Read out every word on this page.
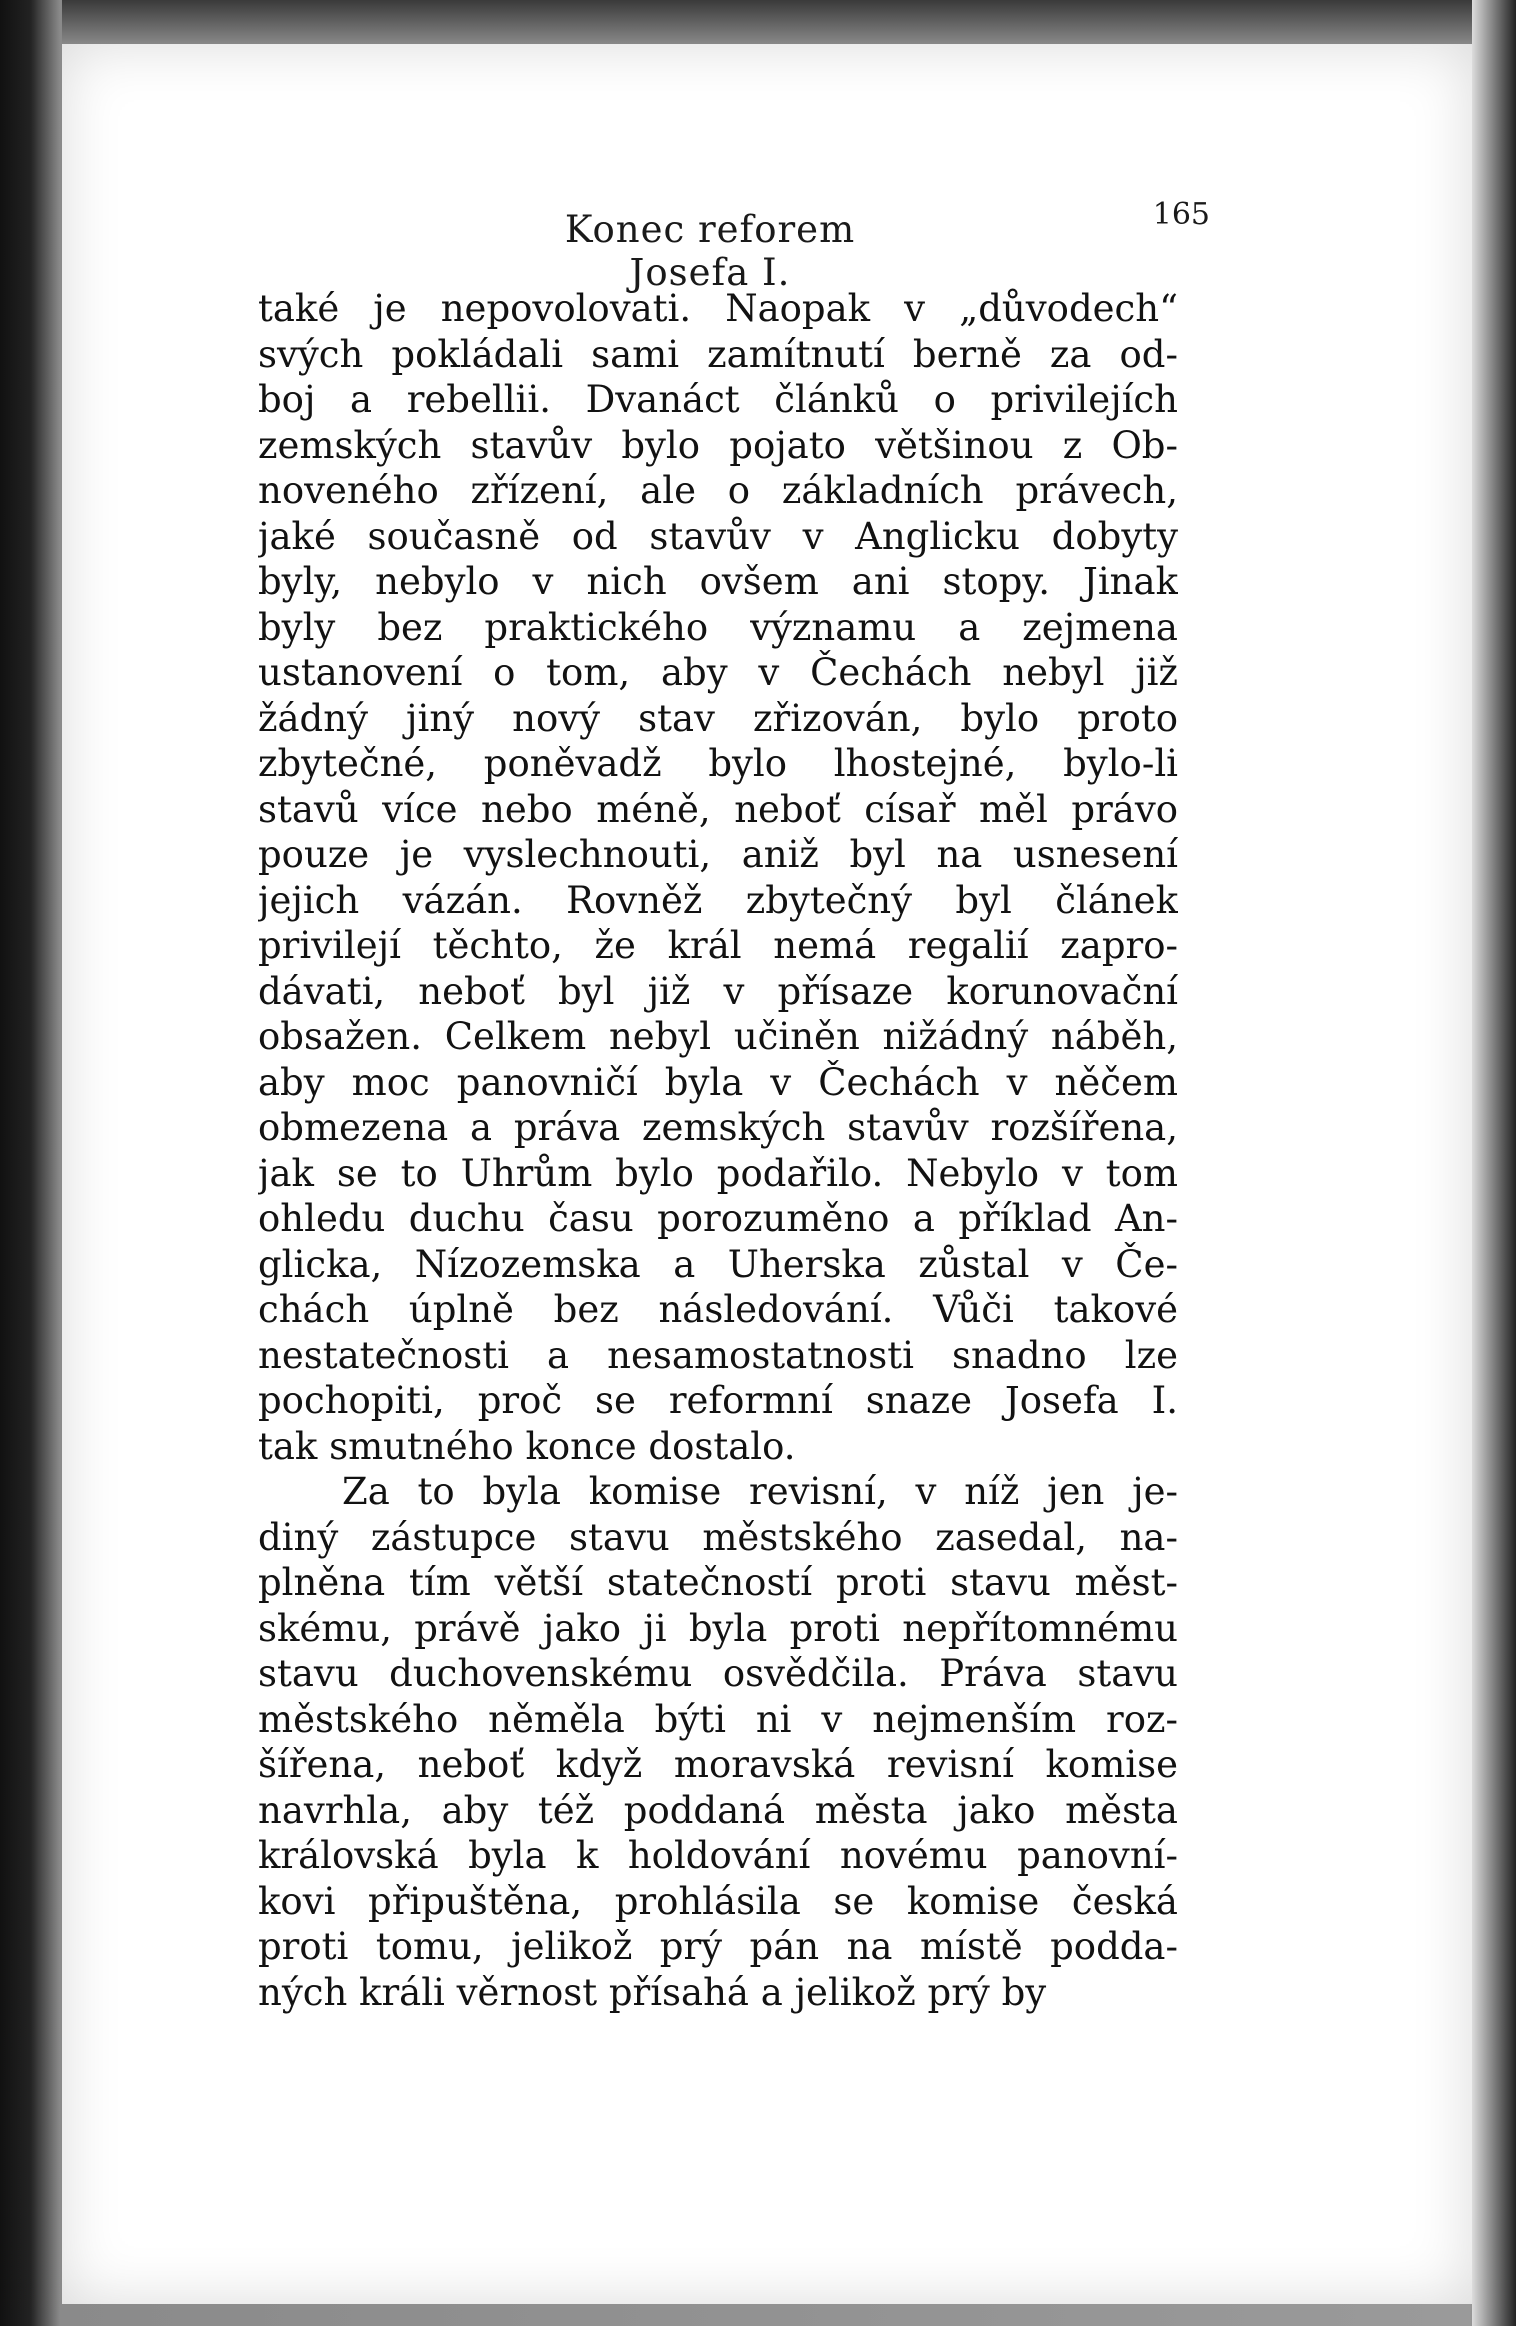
Konec reforem Josefa I.
165
také je nepovolovati. Naopak v „důvodech“
svých pokládali sami zamítnutí berně za od-
boj a rebellii. Dvanáct článků o privilejích
zemských stavův bylo pojato většinou z Ob-
noveného zřízení, ale o základních právech,
jaké současně od stavův v Anglicku dobyty
byly, nebylo v nich ovšem ani stopy. Jinak
byly bez praktického významu a zejmena
ustanovení o tom, aby v Čechách nebyl již
žádný jiný nový stav zřizován, bylo proto
zbytečné, poněvadž bylo lhostejné, bylo-li
stavů více nebo méně, neboť císař měl právo
pouze je vyslechnouti, aniž byl na usnesení
jejich vázán. Rovněž zbytečný byl článek
privilejí těchto, že král nemá regalií zapro-
dávati, neboť byl již v přísaze korunovační
obsažen. Celkem nebyl učiněn nižádný náběh,
aby moc panovničí byla v Čechách v něčem
obmezena a práva zemských stavův rozšířena,
jak se to Uhrům bylo podařilo. Nebylo v tom
ohledu duchu času porozuměno a příklad An-
glicka, Nízozemska a Uherska zůstal v Če-
chách úplně bez následování. Vůči takové
nestatečnosti a nesamostatnosti snadno lze
pochopiti, proč se reformní snaze Josefa I.
tak smutného konce dostalo.
Za to byla komise revisní, v níž jen je-
diný zástupce stavu městského zasedal, na-
plněna tím větší statečností proti stavu měst-
skému, právě jako ji byla proti nepřítomnému
stavu duchovenskému osvědčila. Práva stavu
městského něměla býti ni v nejmenším roz-
šířena, neboť když moravská revisní komise
navrhla, aby též poddaná města jako města
královská byla k holdování novému panovní-
kovi připuštěna, prohlásila se komise česká
proti tomu, jelikož prý pán na místě podda-
ných králi věrnost přísahá a jelikož prý by
